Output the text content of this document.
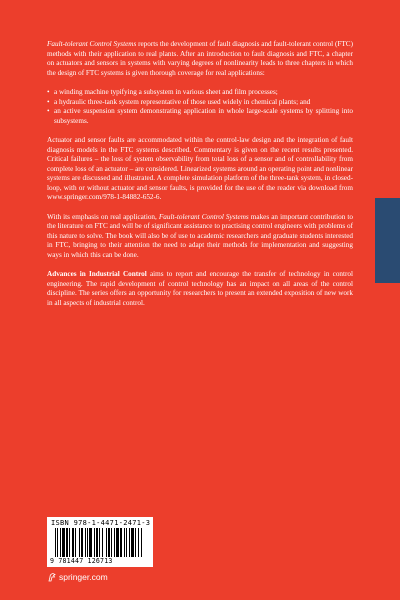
Fault-tolerant Control Systems reports the development of fault diagnosis and fault-tolerant control (FTC) methods with their application to real plants. After an introduction to fault diagnosis and FTC, a chapter on actuators and sensors in systems with varying degrees of nonlinearity leads to three chapters in which the design of FTC systems is given thorough coverage for real applications:

• a winding machine typifying a subsystem in various sheet and film processes;
• a hydraulic three-tank system representative of those used widely in chemical plants; and
• an active suspension system demonstrating application in whole large-scale systems by splitting into subsystems.

Actuator and sensor faults are accommodated within the control-law design and the integration of fault diagnosis models in the FTC systems described. Commentary is given on the recent results presented. Critical failures – the loss of system observability from total loss of a sensor and of controllability from complete loss of an actuator – are considered. Linearized systems around an operating point and nonlinear systems are discussed and illustrated. A complete simulation platform of the three-tank system, in closed-loop, with or without actuator and sensor faults, is provided for the use of the reader via download from www.springer.com/978-1-84882-652-6.

With its emphasis on real application, Fault-tolerant Control Systems makes an important contribution to the literature on FTC and will be of significant assistance to practising control engineers with problems of this nature to solve. The book will also be of use to academic researchers and graduate students interested in FTC, bringing to their attention the need to adapt their methods for implementation and suggesting ways in which this can be done.

Advances in Industrial Control aims to report and encourage the transfer of technology in control engineering. The rapid development of control technology has an impact on all areas of the control discipline. The series offers an opportunity for researchers to present an extended exposition of new work in all aspects of industrial control.

ISBN 978-1-4471-2471-3
9 781447 126713
springer.com
